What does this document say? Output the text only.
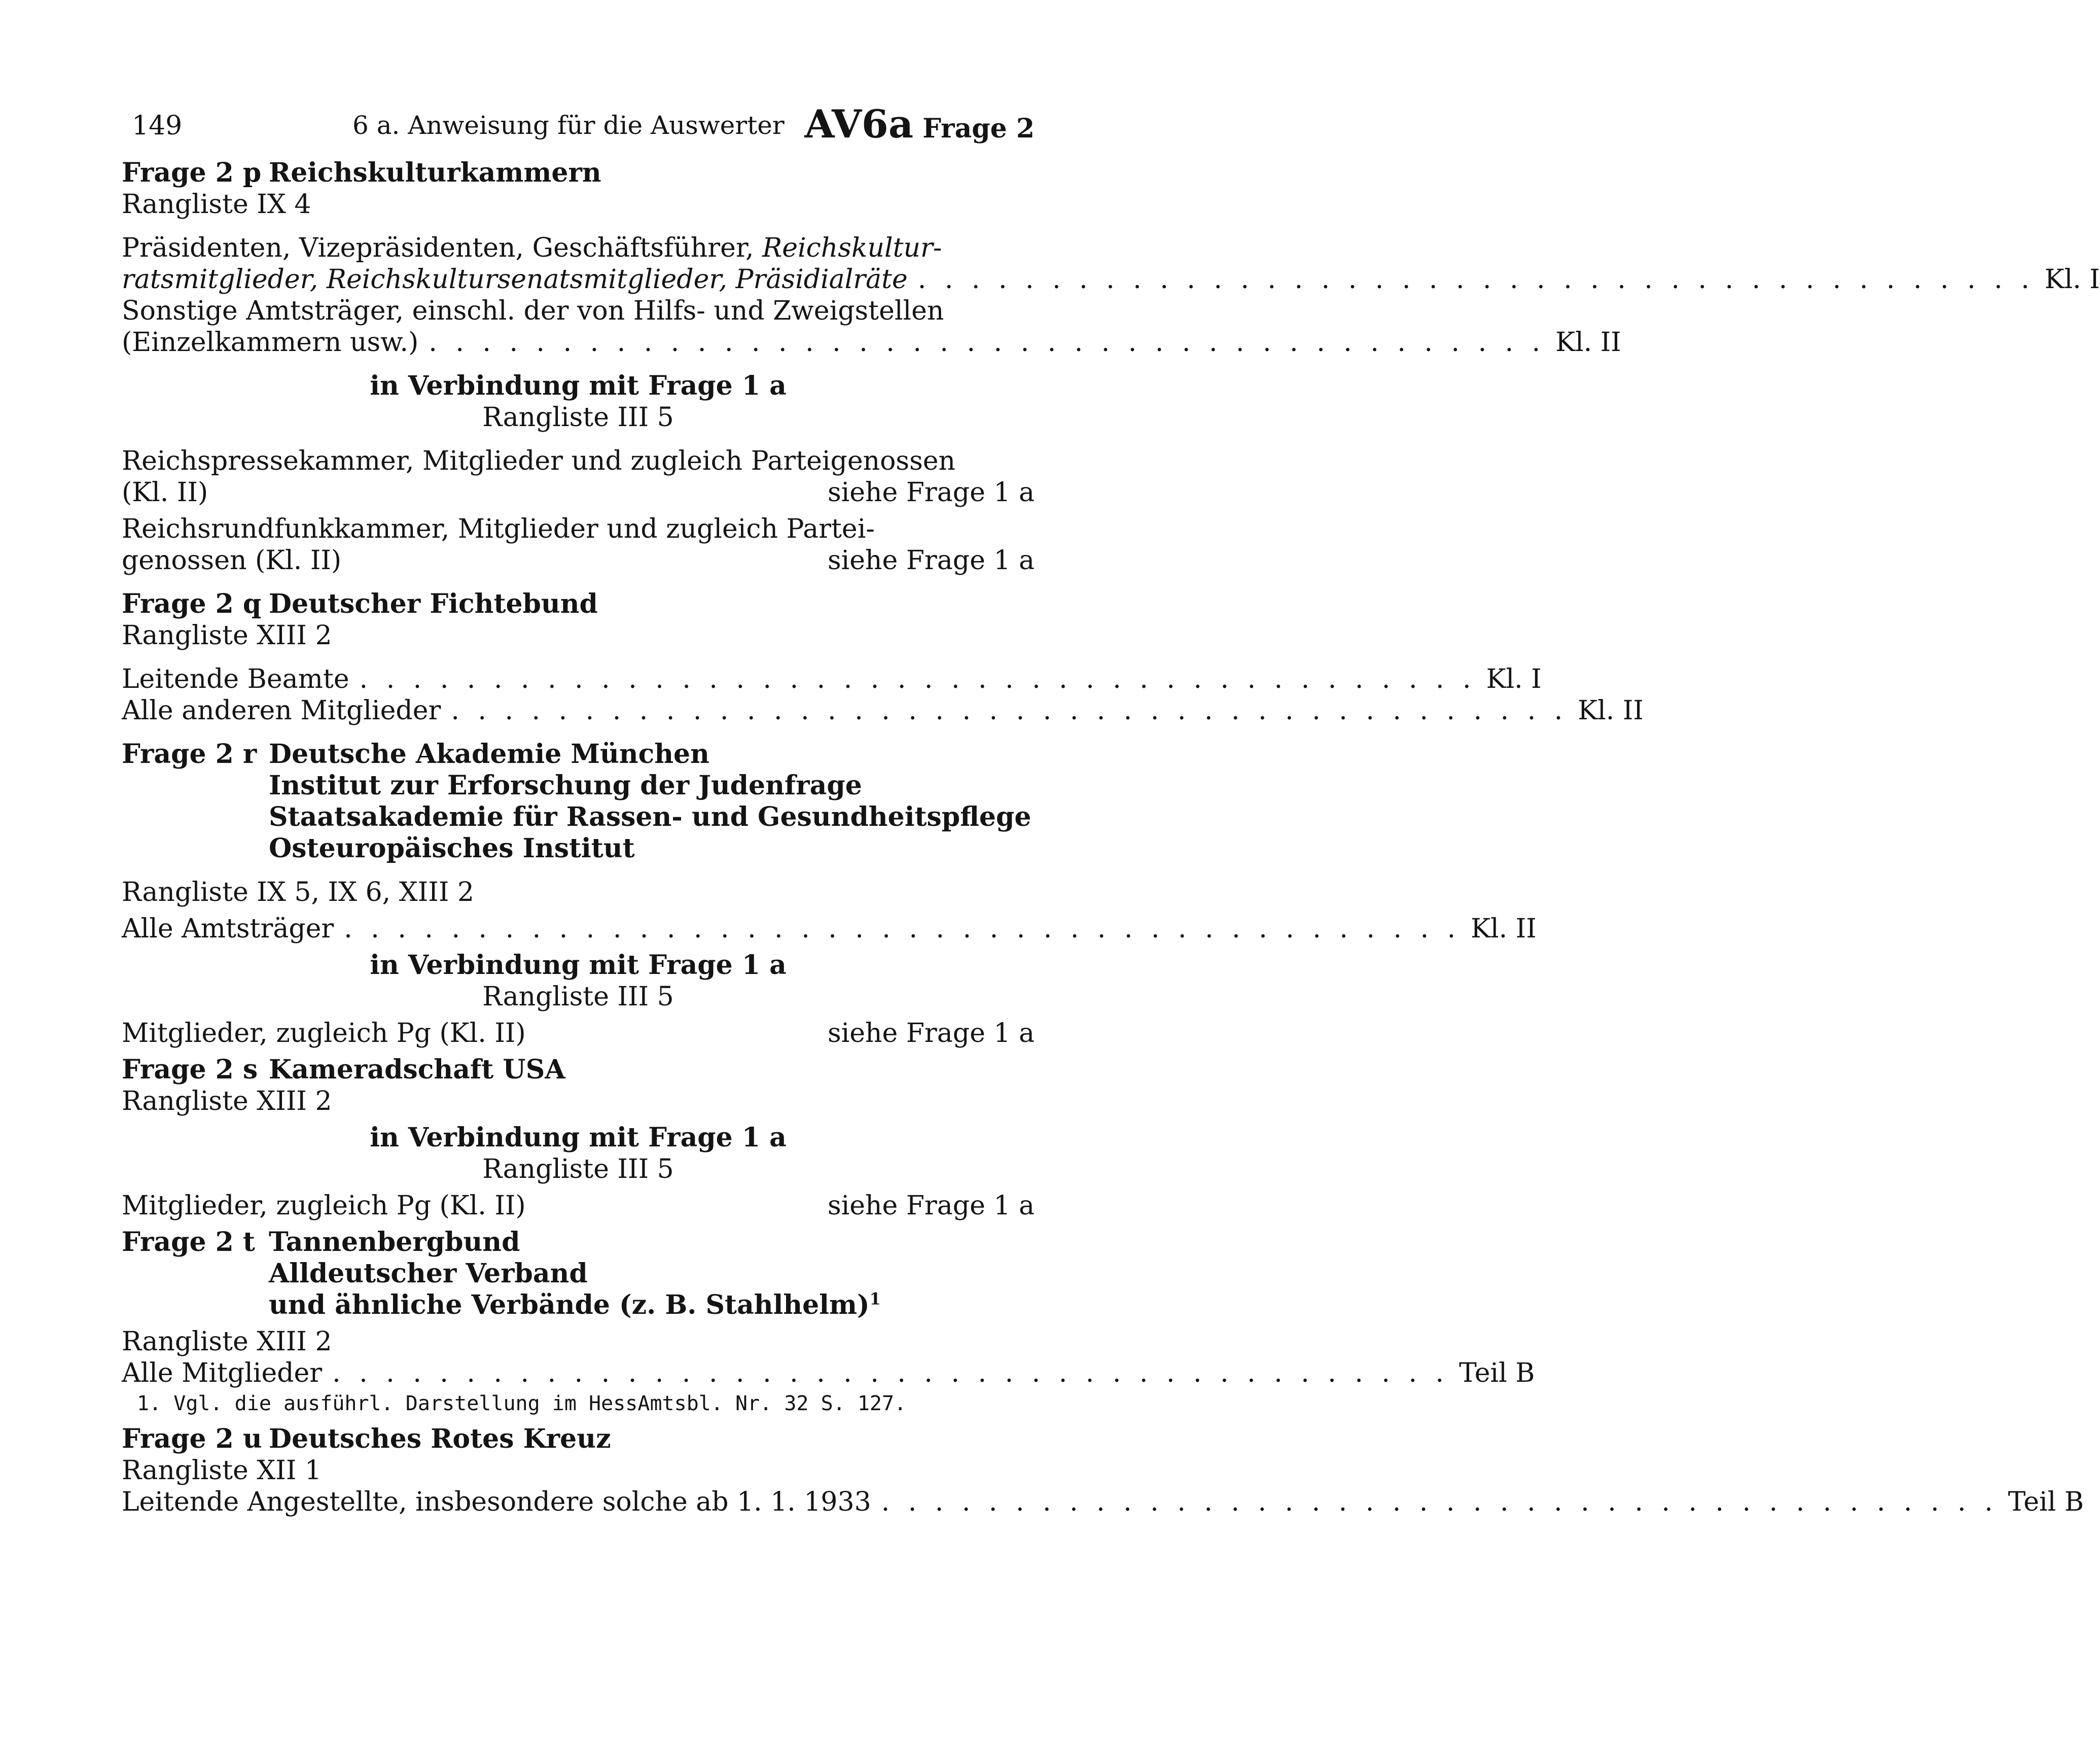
149	6 a. Anweisung für die Auswerter AV6a Frage 2
Frage 2 p Reichskulturkammern
Rangliste IX 4
Präsidenten, Vizepräsidenten, Geschäftsführer, Reichskultur-
ratsmitglieder, Reichskultursenatsmitglieder, Präsidialräte . . . . . . . . . . . . . . . . . . . . . . . . . . . . . . . . . . . . . . . . . . Kl. I
Sonstige Amtsträger, einschl. der von Hilfs- und Zweigstellen
(Einzelkammern usw.) . . . . . . . . . . . . . . . . . . . . . . . . . . . . . . . . . . . . . . . . . . Kl. II
in Verbindung mit Frage 1 a
Rangliste III 5
Reichspressekammer, Mitglieder und zugleich Parteigenossen
(Kl. II)	siehe Frage 1 a
Reichsrundfunkkammer, Mitglieder und zugleich Partei-
genossen (Kl. II)	siehe Frage 1 a
Frage 2 q Deutscher Fichtebund
Rangliste XIII 2
Leitende Beamte . . . . . . . . . . . . . . . . . . . . . . . . . . . . . . . . . . . . . . . . . . Kl. I
Alle anderen Mitglieder . . . . . . . . . . . . . . . . . . . . . . . . . . . . . . . . . . . . . . . . . . Kl. II
Frage 2 r Deutsche Akademie München
Institut zur Erforschung der Judenfrage
Staatsakademie für Rassen- und Gesundheitspflege
Osteuropäisches Institut
Rangliste IX 5, IX 6, XIII 2
Alle Amtsträger . . . . . . . . . . . . . . . . . . . . . . . . . . . . . . . . . . . . . . . . . . Kl. II
in Verbindung mit Frage 1 a
Rangliste III 5
Mitglieder, zugleich Pg (Kl. II)	siehe Frage 1 a
Frage 2 s Kameradschaft USA
Rangliste XIII 2
in Verbindung mit Frage 1 a
Rangliste III 5
Mitglieder, zugleich Pg (Kl. II)	siehe Frage 1 a
Frage 2 t Tannenbergbund
Alldeutscher Verband
und ähnliche Verbände (z. B. Stahlhelm)$^1$
Rangliste XIII 2
Alle Mitglieder . . . . . . . . . . . . . . . . . . . . . . . . . . . . . . . . . . . . . . . . . . Teil B
1. Vgl. die ausführl. Darstellung im HessAmtsbl. Nr. 32 S. 127.
Frage 2 u Deutsches Rotes Kreuz
Rangliste XII 1
Leitende Angestellte, insbesondere solche ab 1. 1. 1933 . . . . . . . . . . . . . . . . . . . . . . . . . . . . . . . . . . . . . . . . . . Teil B
